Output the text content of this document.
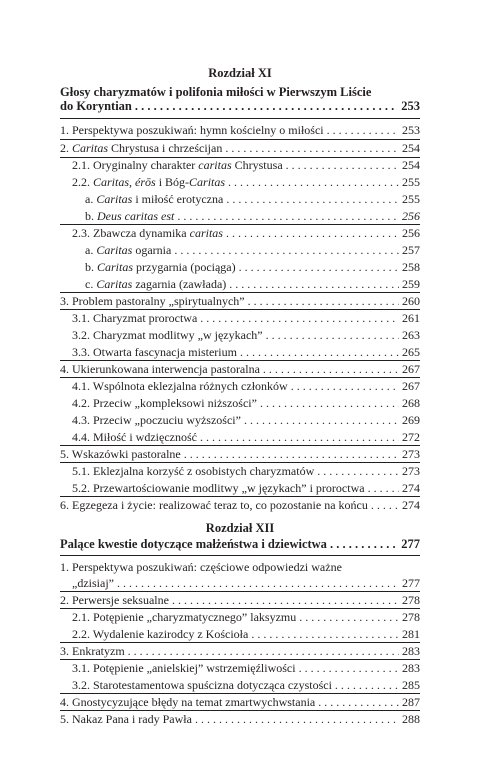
Rozdział XI
Głosy charyzmatów i polifonia miłości w Pierwszym Liście
do Koryntian . . .	253
1. Perspektywa poszukiwań: hymn kościelny o miłości . . .	253
2. Caritas Chrystusa i chrześcijan . . .	254
2.1. Oryginalny charakter caritas Chrystusa . . .	254
2.2. Caritas, érōs i Bóg-Caritas . . .	255
a. Caritas i miłość erotyczna . . .	255
b. Deus caritas est . . .	256
2.3. Zbawcza dynamika caritas . . .	256
a. Caritas ogarnia . . .	257
b. Caritas przygarnia (pociąga) . . .	258
c. Caritas zagarnia (zawłada) . . .	259
3. Problem pastoralny „spirytualnych” . . .	260
3.1. Charyzmat proroctwa . . .	261
3.2. Charyzmat modlitwy „w językach” . . .	263
3.3. Otwarta fascynacja misterium . . .	265
4. Ukierunkowana interwencja pastoralna . . .	267
4.1. Wspólnota eklezjalna różnych członków . . .	267
4.2. Przeciw „kompleksowi niższości” . . .	268
4.3. Przeciw „poczuciu wyższości” . . .	269
4.4. Miłość i wdzięczność . . .	272
5. Wskazówki pastoralne . . .	273
5.1. Eklezjalna korzyść z osobistych charyzmatów . . .	273
5.2. Przewartościowanie modlitwy „w językach” i proroctwa . . .	274
6. Egzegeza i życie: realizować teraz to, co pozostanie na końcu . . .	274
Rozdział XII
Palące kwestie dotyczące małżeństwa i dziewictwa . . .	277
1. Perspektywa poszukiwań: częściowe odpowiedzi ważne
„dzisiaj” . . .	277
2. Perwersje seksualne . . .	278
2.1. Potępienie „charyzmatycznego” laksyzmu . . .	278
2.2. Wydalenie kazirodcy z Kościoła . . .	281
3. Enkratyzm . . .	283
3.1. Potępienie „anielskiej” wstrzemięźliwości . . .	283
3.2. Starotestamentowa spuścizna dotycząca czystości . . .	285
4. Gnostycyzujące błędy na temat zmartwychwstania . . .	287
5. Nakaz Pana i rady Pawła . . .	288
